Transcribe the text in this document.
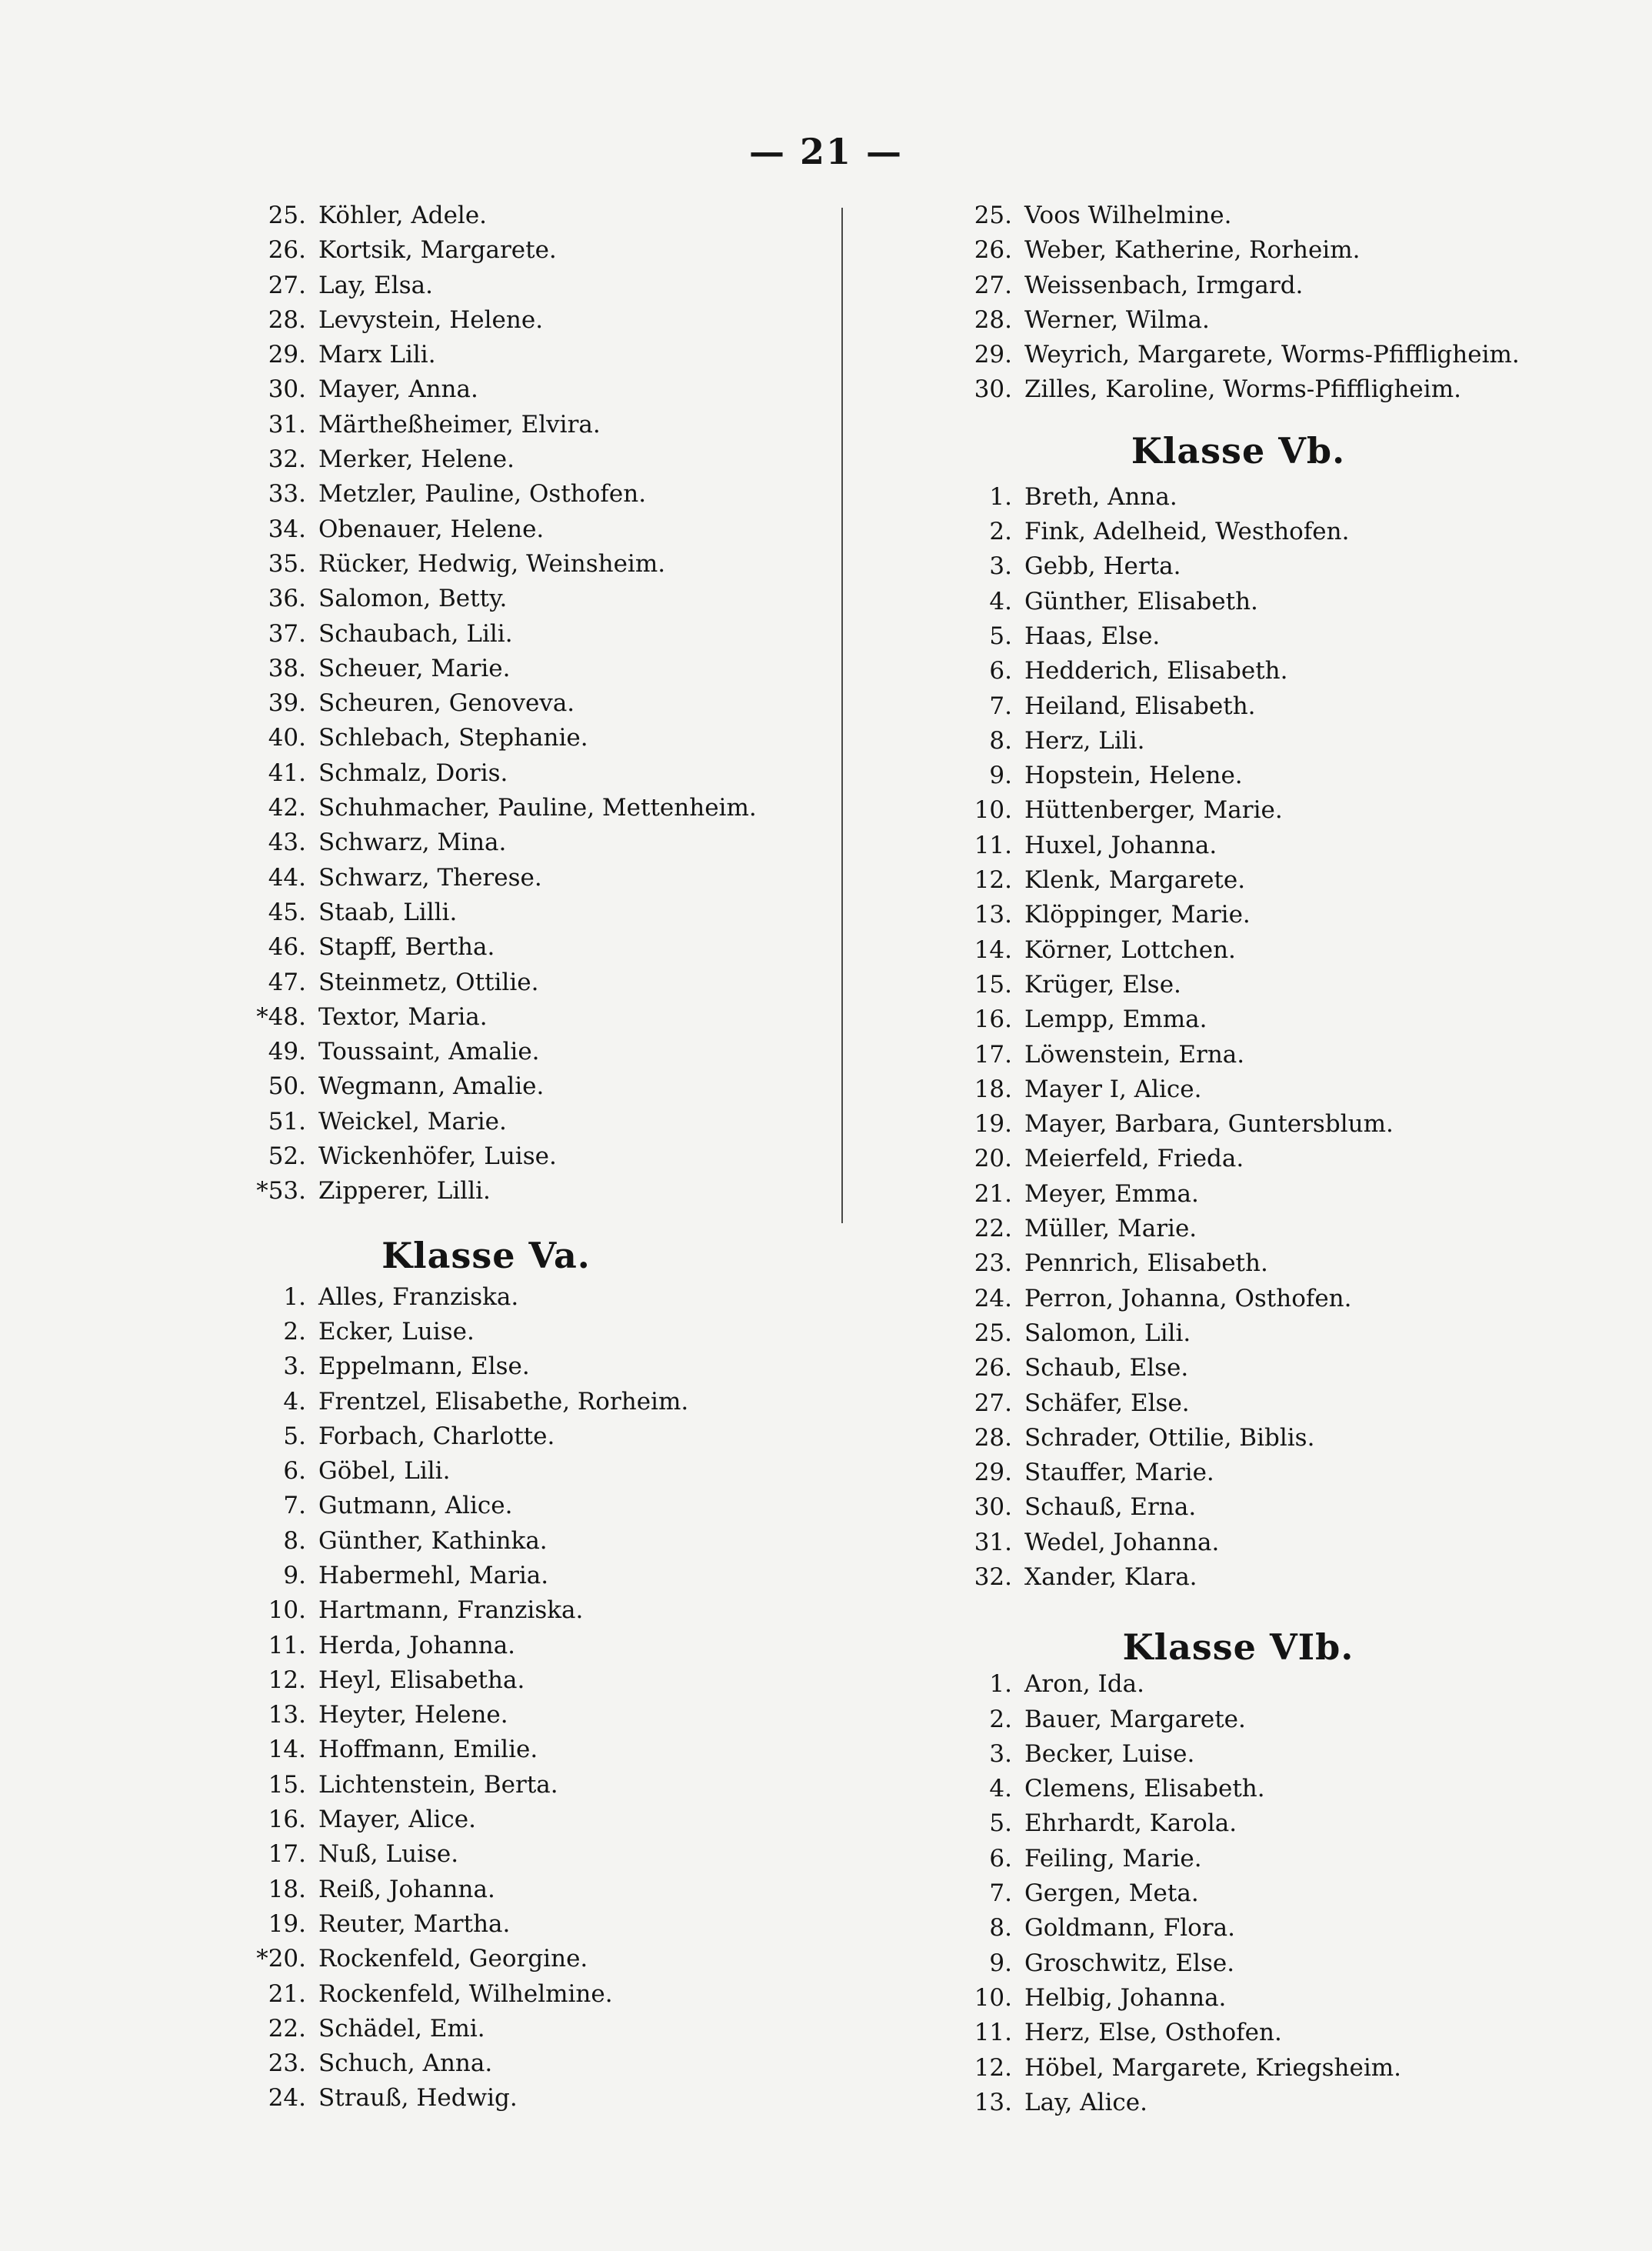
— 21 —
25. Köhler, Adele.
26. Kortsik, Margarete.
27. Lay, Elsa.
28. Levystein, Helene.
29. Marx Lili.
30. Mayer, Anna.
31. Märtheßheimer, Elvira.
32. Merker, Helene.
33. Metzler, Pauline, Osthofen.
34. Obenauer, Helene.
35. Rücker, Hedwig, Weinsheim.
36. Salomon, Betty.
37. Schaubach, Lili.
38. Scheuer, Marie.
39. Scheuren, Genoveva.
40. Schlebach, Stephanie.
41. Schmalz, Doris.
42. Schuhmacher, Pauline, Mettenheim.
43. Schwarz, Mina.
44. Schwarz, Therese.
45. Staab, Lilli.
46. Stapff, Bertha.
47. Steinmetz, Ottilie.
*48. Textor, Maria.
49. Toussaint, Amalie.
50. Wegmann, Amalie.
51. Weickel, Marie.
52. Wickenhöfer, Luise.
*53. Zipperer, Lilli.
Klasse Va.
1. Alles, Franziska.
2. Ecker, Luise.
3. Eppelmann, Else.
4. Frentzel, Elisabethe, Rorheim.
5. Forbach, Charlotte.
6. Göbel, Lili.
7. Gutmann, Alice.
8. Günther, Kathinka.
9. Habermehl, Maria.
10. Hartmann, Franziska.
11. Herda, Johanna.
12. Heyl, Elisabetha.
13. Heyter, Helene.
14. Hoffmann, Emilie.
15. Lichtenstein, Berta.
16. Mayer, Alice.
17. Nuß, Luise.
18. Reiß, Johanna.
19. Reuter, Martha.
*20. Rockenfeld, Georgine.
21. Rockenfeld, Wilhelmine.
22. Schädel, Emi.
23. Schuch, Anna.
24. Strauß, Hedwig.
25. Voos Wilhelmine.
26. Weber, Katherine, Rorheim.
27. Weissenbach, Irmgard.
28. Werner, Wilma.
29. Weyrich, Margarete, Worms-Pfiffligheim.
30. Zilles, Karoline, Worms-Pfiffligheim.
Klasse Vb.
1. Breth, Anna.
2. Fink, Adelheid, Westhofen.
3. Gebb, Herta.
4. Günther, Elisabeth.
5. Haas, Else.
6. Hedderich, Elisabeth.
7. Heiland, Elisabeth.
8. Herz, Lili.
9. Hopstein, Helene.
10. Hüttenberger, Marie.
11. Huxel, Johanna.
12. Klenk, Margarete.
13. Klöppinger, Marie.
14. Körner, Lottchen.
15. Krüger, Else.
16. Lempp, Emma.
17. Löwenstein, Erna.
18. Mayer I, Alice.
19. Mayer, Barbara, Guntersblum.
20. Meierfeld, Frieda.
21. Meyer, Emma.
22. Müller, Marie.
23. Pennrich, Elisabeth.
24. Perron, Johanna, Osthofen.
25. Salomon, Lili.
26. Schaub, Else.
27. Schäfer, Else.
28. Schrader, Ottilie, Biblis.
29. Stauffer, Marie.
30. Schauß, Erna.
31. Wedel, Johanna.
32. Xander, Klara.
Klasse VIb.
1. Aron, Ida.
2. Bauer, Margarete.
3. Becker, Luise.
4. Clemens, Elisabeth.
5. Ehrhardt, Karola.
6. Feiling, Marie.
7. Gergen, Meta.
8. Goldmann, Flora.
9. Groschwitz, Else.
10. Helbig, Johanna.
11. Herz, Else, Osthofen.
12. Höbel, Margarete, Kriegsheim.
13. Lay, Alice.
